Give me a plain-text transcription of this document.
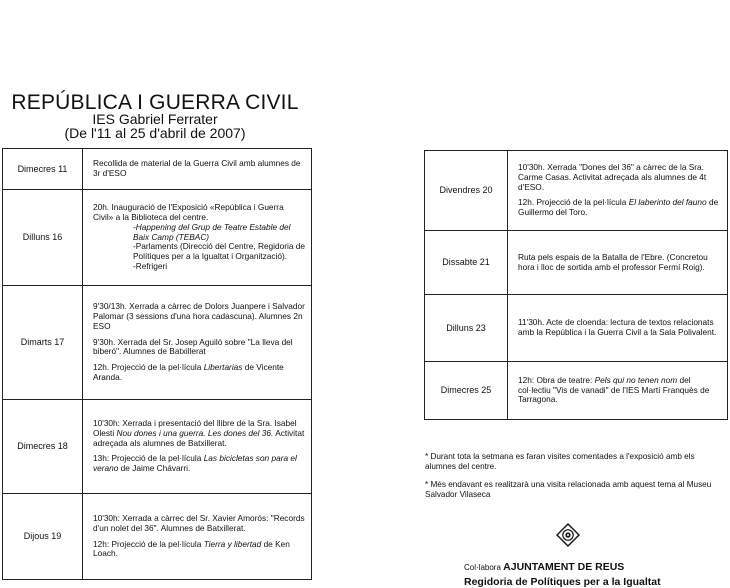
REPÚBLICA I GUERRA CIVIL
IES Gabriel Ferrater
(De l'11 al 25 d'abril de 2007)
Dimecres 11	Recollida de material de la Guerra Civil amb alumnes de 3r d'ESO

Dilluns 16	20h. Inauguració de l'Exposició «República i Guerra Civil» a la Biblioteca del centre.
-Happening del Grup de Teatre Estable del Baix Camp (TEBAC)
-Parlaments (Direcció del Centre, Regidoria de Polítiques per a la Igualtat i Organització).
-Refrigeri

Dimarts 17	9'30/13h. Xerrada a càrrec de Dolors Juanpere i Salvador Palomar (3 sessions d'una hora cadascuna). Alumnes 2n ESO

9'30h. Xerrada del Sr. Josep Aguiló sobre "La lleva del biberó". Alumnes de Batxillerat

12h. Projecció de la pel·lícula Libertarias de Vicente Aranda.

Dimecres 18	10'30h: Xerrada i presentació del llibre de la Sra. Isabel Olesti Nou dones i una guerra. Les dones del 36. Activitat adreçada als alumnes de Batxillerat.

13h: Projecció de la pel·lícula Las bicicletas son para el verano de Jaime Chávarri.

Dijous 19	10'30h: Xerrada a càrrec del Sr. Xavier Amorós: "Records d'un nolet del 36". Alumnes de Batxillerat.

12h: Projecció de la pel·lícula Tierra y libertad de Ken Loach.

Divendres 20	10'30h. Xerrada "Dones del 36" a càrrec de la Sra. Carme Casas. Activitat adreçada als alumnes de 4t d'ESO.

12h. Projecció de la pel·lícula El laberinto del fauno de Guillermo del Toro.

Dissabte 21	Ruta pels espais de la Batalla de l'Ebre. (Concretou hora i lloc de sortida amb el professor Fermí Roig).

Dilluns 23	11'30h. Acte de cloenda: lectura de textos relacionats amb la República i la Guerra Civil a la Sala Polivalent.

Dimecres 25	12h: Obra de teatre: Pels qui no tenen nom del col·lectiu "Vis de vanadi" de l'IES Martí Franquès de Tarragona.

* Durant tota la setmana es faran visites comentades a l'exposició amb els alumnes del centre.
* Més endavant es realitzarà una visita relacionada amb aquest tema al Museu Salvador Vilaseca
Col·labora AJUNTAMENT DE REUS
Regidoria de Polítiques per a la Igualtat
